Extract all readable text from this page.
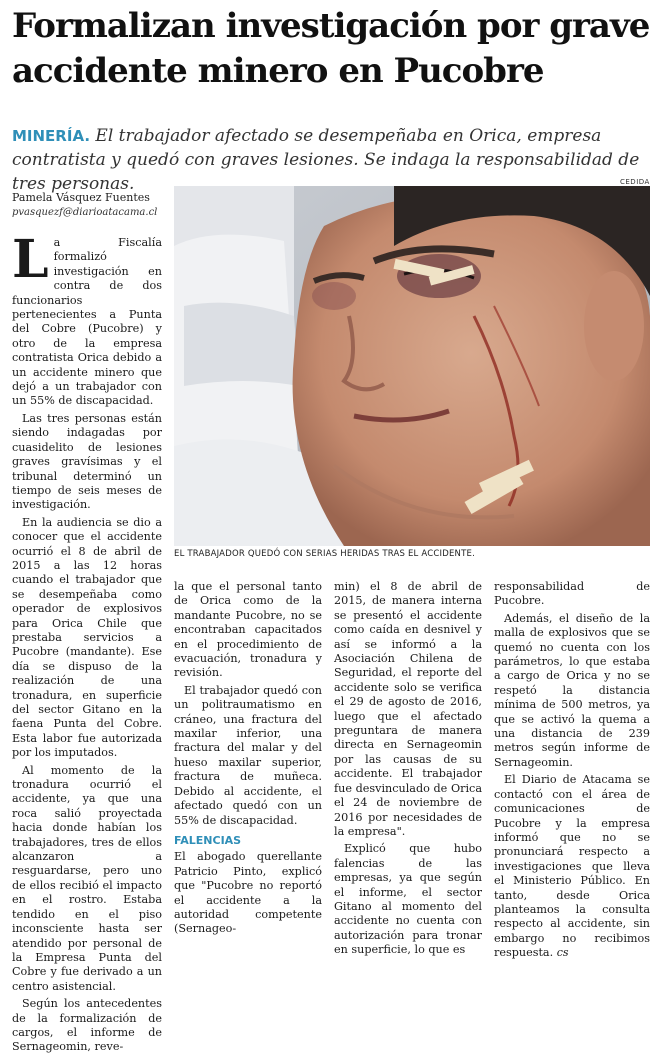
Formalizan investigación por grave accidente minero en Pucobre
MINERÍA. El trabajador afectado se desempeñaba en Orica, empresa contratista y quedó con graves lesiones. Se indaga la responsabilidad de tres personas.
Pamela Vásquez Fuentes
pvasquezf@diarioatacama.cl
CEDIDA
EL TRABAJADOR QUEDÓ CON SERIAS HERIDAS TRAS EL ACCIDENTE.

La Fiscalía formalizó investigación en contra de dos funcionarios pertenecientes a Punta del Cobre (Pucobre) y otro de la empresa contratista Orica debido a un accidente minero que dejó a un trabajador con un 55% de discapacidad.

Las tres personas están siendo indagadas por cuasidelito de lesiones graves gravísimas y el tribunal determinó un tiempo de seis meses de investigación.

En la audiencia se dio a conocer que el accidente ocurrió el 8 de abril de 2015 a las 12 horas cuando el trabajador que se desempeñaba como operador de explosivos para Orica Chile que prestaba servicios a Pucobre (mandante). Ese día se dispuso de la realización de una tronadura, en superficie del sector Gitano en la faena Punta del Cobre. Esta labor fue autorizada por los imputados.

Al momento de la tronadura ocurrió el accidente, ya que una roca salió proyectada hacia donde habían los trabajadores, tres de ellos alcanzaron a resguardarse, pero uno de ellos recibió el impacto en el rostro. Estaba tendido en el piso inconsciente hasta ser atendido por personal de la Empresa Punta del Cobre y fue derivado a un centro asistencial.

Según los antecedentes de la formalización de cargos, el informe de Sernageomin, reve-

la que el personal tanto de Orica como de la mandante Pucobre, no se encontraban capacitados en el procedimiento de evacuación, tronadura y revisión.

El trabajador quedó con un politraumatismo en cráneo, una fractura del maxilar inferior, una fractura del malar y del hueso maxilar superior, fractura de muñeca. Debido al accidente, el afectado quedó con un 55% de discapacidad.

FALENCIAS

El abogado querellante Patricio Pinto, explicó que "Pucobre no reportó el accidente a la autoridad competente (Sernageo-

min) el 8 de abril de 2015, de manera interna se presentó el accidente como caída en desnivel y así se informó a la Asociación Chilena de Seguridad, el reporte del accidente solo se verifica el 29 de agosto de 2016, luego que el afectado preguntara de manera directa en Sernageomin por las causas de su accidente. El trabajador fue desvinculado de Orica el 24 de noviembre de 2016 por necesidades de la empresa".

Explicó que hubo falencias de las empresas, ya que según el informe, el sector Gitano al momento del accidente no cuenta con autorización para tronar en superficie, lo que es

responsabilidad de Pucobre.

Además, el diseño de la malla de explosivos que se quemó no cuenta con los parámetros, lo que estaba a cargo de Orica y no se respetó la distancia mínima de 500 metros, ya que se activó la quema a una distancia de 239 metros según informe de Sernageomin.

El Diario de Atacama se contactó con el área de comunicaciones de Pucobre y la empresa informó que no se pronunciará respecto a investigaciones que lleva el Ministerio Público. En tanto, desde Orica planteamos la consulta respecto al accidente, sin embargo no recibimos respuesta. cs
